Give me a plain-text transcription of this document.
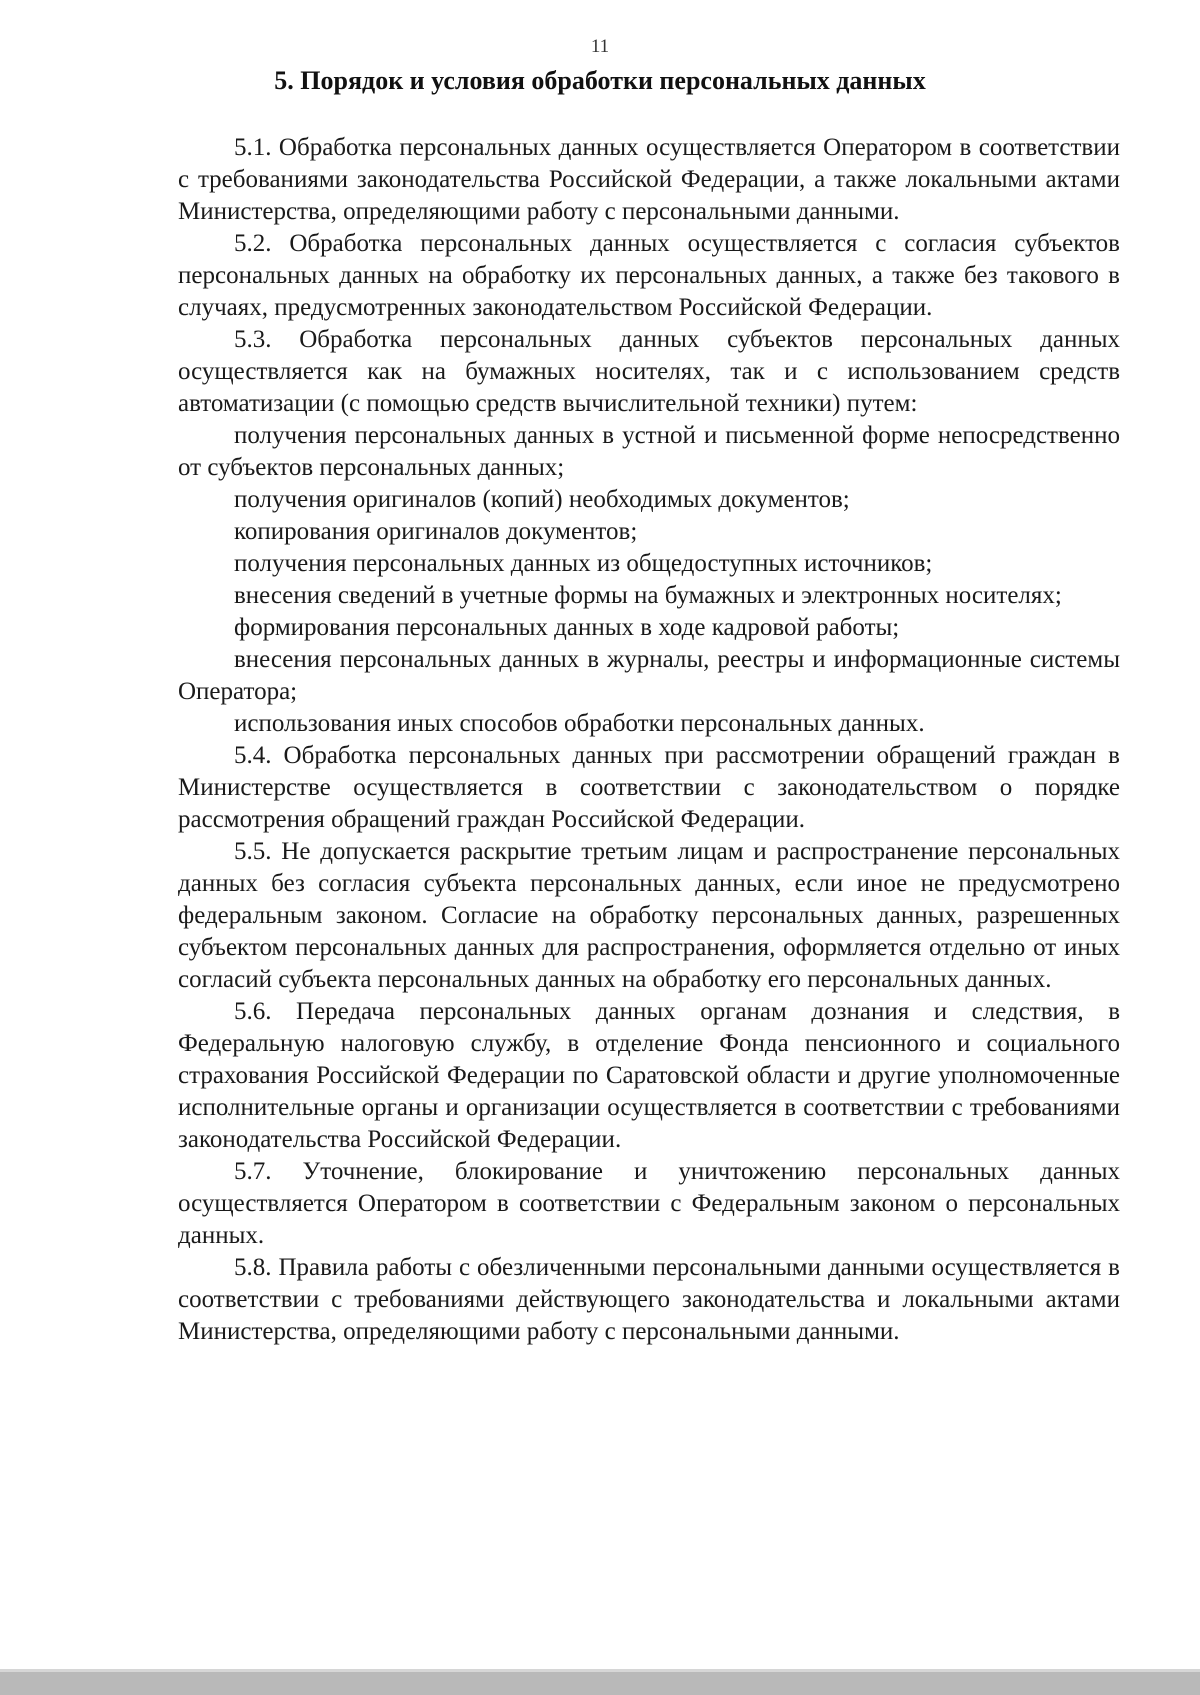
11
5. Порядок и условия обработки персональных данных

5.1. Обработка персональных данных осуществляется Оператором в соответствии с требованиями законодательства Российской Федерации, а также локальными актами Министерства, определяющими работу с персональными данными.

5.2. Обработка персональных данных осуществляется с согласия субъектов персональных данных на обработку их персональных данных, а также без такового в случаях, предусмотренных законодательством Российской Федерации.

5.3. Обработка персональных данных субъектов персональных данных осуществляется как на бумажных носителях, так и с использованием средств автоматизации (с помощью средств вычислительной техники) путем:

получения персональных данных в устной и письменной форме непосредственно от субъектов персональных данных;

получения оригиналов (копий) необходимых документов;

копирования оригиналов документов;

получения персональных данных из общедоступных источников;

внесения сведений в учетные формы на бумажных и электронных носителях;

формирования персональных данных в ходе кадровой работы;

внесения персональных данных в журналы, реестры и информационные системы Оператора;

использования иных способов обработки персональных данных.

5.4. Обработка персональных данных при рассмотрении обращений граждан в Министерстве осуществляется в соответствии с законодательством о порядке рассмотрения обращений граждан Российской Федерации.

5.5. Не допускается раскрытие третьим лицам и распространение персональных данных без согласия субъекта персональных данных, если иное не предусмотрено федеральным законом. Согласие на обработку персональных данных, разрешенных субъектом персональных данных для распространения, оформляется отдельно от иных согласий субъекта персональных данных на обработку его персональных данных.

5.6. Передача персональных данных органам дознания и следствия, в Федеральную налоговую службу, в отделение Фонда пенсионного и социального страхования Российской Федерации по Саратовской области и другие уполномоченные исполнительные органы и организации осуществляется в соответствии с требованиями законодательства Российской Федерации.

5.7. Уточнение, блокирование и уничтожению персональных данных осуществляется Оператором в соответствии с Федеральным законом о персональных данных.

5.8. Правила работы с обезличенными персональными данными осуществляется в соответствии с требованиями действующего законодательства и локальными актами Министерства, определяющими работу с персональными данными.
